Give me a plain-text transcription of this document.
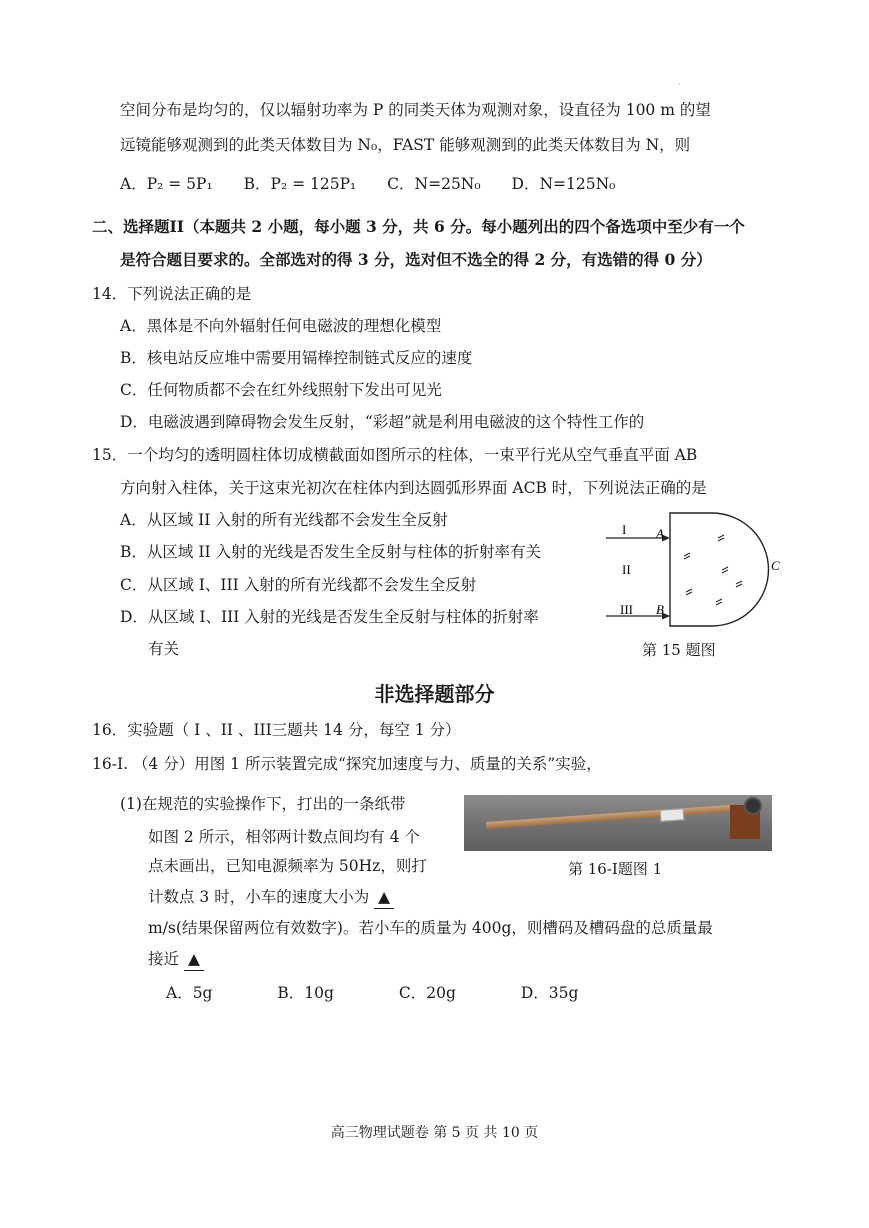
·
空间分布是均匀的，仅以辐射功率为 P 的同类天体为观测对象，设直径为 100 m 的望
远镜能够观测到的此类天体数目为 N₀，FAST 能够观测到的此类天体数目为 N，则
A．P₂ = 5P₁ B．P₂ = 125P₁ C．N=25N₀ D．N=125N₀
二、选择题II（本题共 2 小题，每小题 3 分，共 6 分。每小题列出的四个备选项中至少有一个
是符合题目要求的。全部选对的得 3 分，选对但不选全的得 2 分，有选错的得 0 分）
14．下列说法正确的是
A．黑体是不向外辐射任何电磁波的理想化模型
B．核电站反应堆中需要用镉棒控制链式反应的速度
C．任何物质都不会在红外线照射下发出可见光
D．电磁波遇到障碍物会发生反射，“彩超”就是利用电磁波的这个特性工作的
15．一个均匀的透明圆柱体切成横截面如图所示的柱体，一束平行光从空气垂直平面 AB
方向射入柱体，关于这束光初次在柱体内到达圆弧形界面 ACB 时，下列说法正确的是
A．从区域 II 入射的所有光线都不会发生全反射
B．从区域 II 入射的光线是否发生全反射与柱体的折射率有关
C．从区域 I、III 入射的所有光线都不会发生全反射
D．从区域 I、III 入射的光线是否发生全反射与柱体的折射率
有关
I
II
III
A
B
C
第 15 题图
非选择题部分
16．实验题（ I 、II 、III三题共 14 分，每空 1 分）
16-I. （4 分）用图 1 所示装置完成“探究加速度与力、质量的关系”实验，
(1)在规范的实验操作下，打出的一条纸带
如图 2 所示，相邻两计数点间均有 4 个
点未画出，已知电源频率为 50Hz，则打
计数点 3 时，小车的速度大小为 ▲
m/s(结果保留两位有效数字)。若小车的质量为 400g，则槽码及槽码盘的总质量最
接近 ▲
A．5g	B．10g	C．20g	D．35g
第 16-I题图 1
高三物理试题卷 第 5 页 共 10 页
